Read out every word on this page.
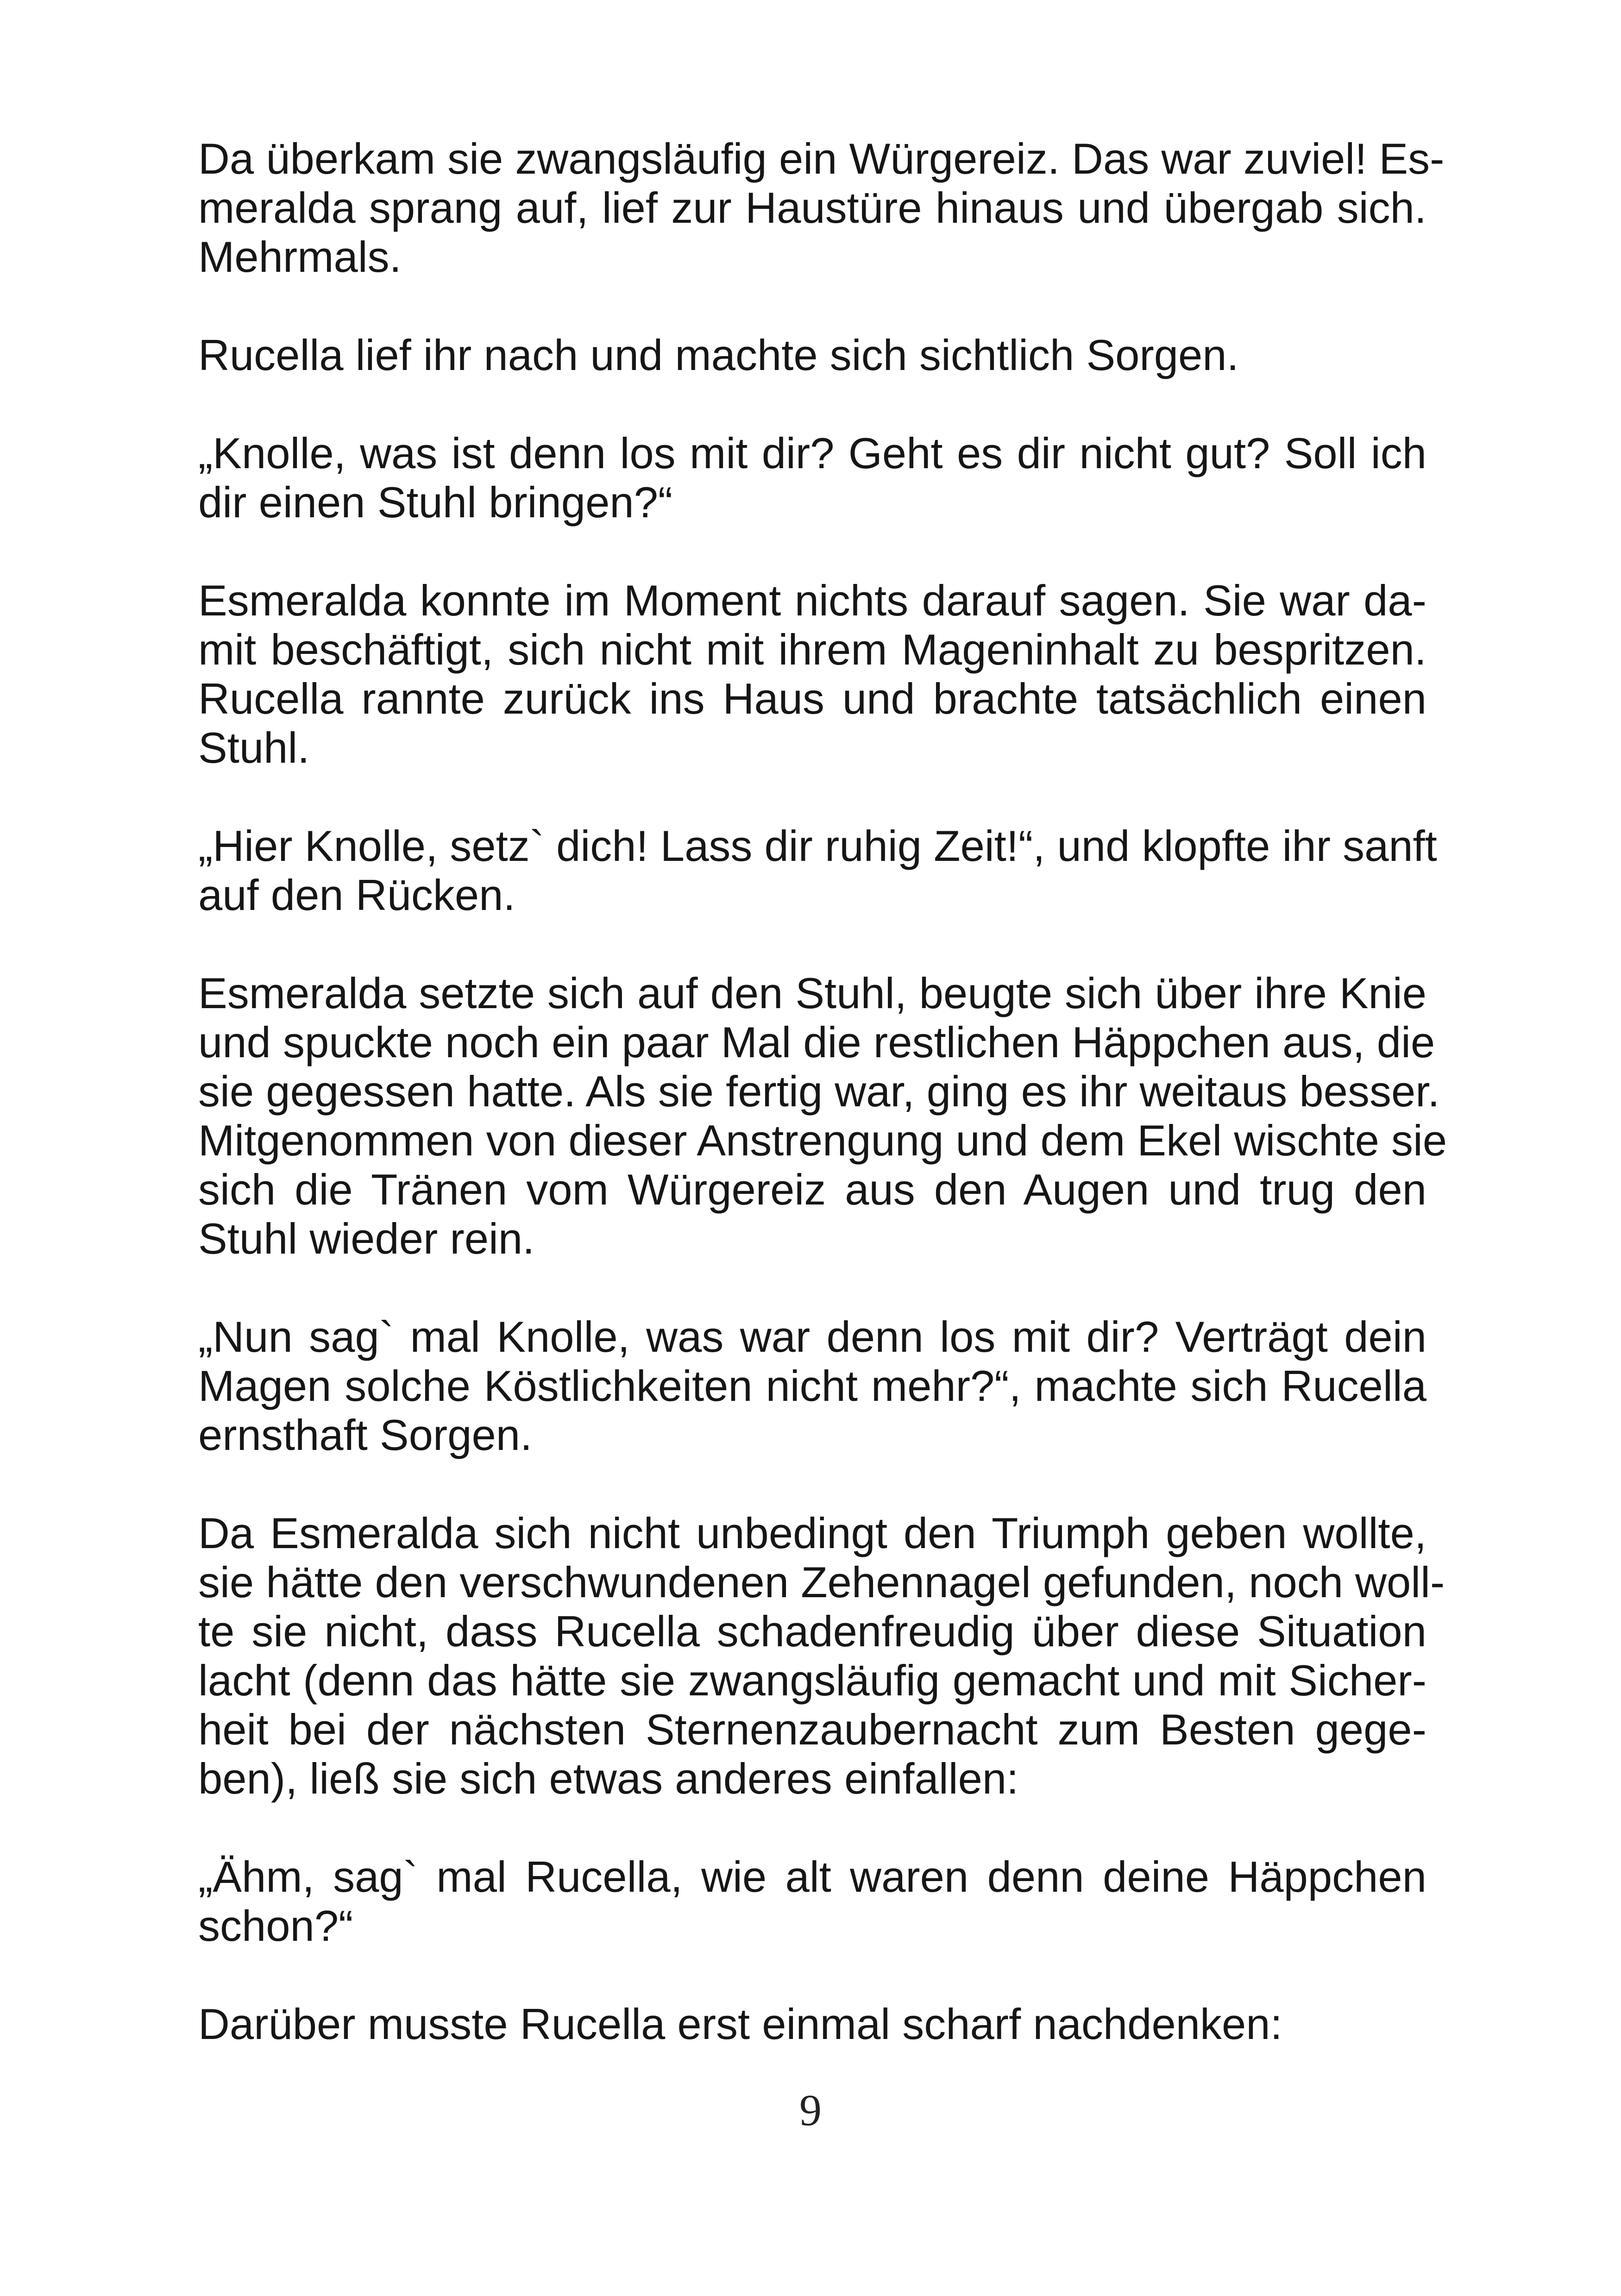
Da überkam sie zwangsläufig ein Würgereiz. Das war zuviel! Es-
meralda sprang auf, lief zur Haustüre hinaus und übergab sich.
Mehrmals.
Rucella lief ihr nach und machte sich sichtlich Sorgen.
„Knolle, was ist denn los mit dir? Geht es dir nicht gut? Soll ich
dir einen Stuhl bringen?“
Esmeralda konnte im Moment nichts darauf sagen. Sie war da-
mit beschäftigt, sich nicht mit ihrem Mageninhalt zu bespritzen.
Rucella rannte zurück ins Haus und brachte tatsächlich einen
Stuhl.
„Hier Knolle, setz` dich! Lass dir ruhig Zeit!“, und klopfte ihr sanft
auf den Rücken.
Esmeralda setzte sich auf den Stuhl, beugte sich über ihre Knie
und spuckte noch ein paar Mal die restlichen Häppchen aus, die
sie gegessen hatte. Als sie fertig war, ging es ihr weitaus besser.
Mitgenommen von dieser Anstrengung und dem Ekel wischte sie
sich die Tränen vom Würgereiz aus den Augen und trug den
Stuhl wieder rein.
„Nun sag` mal Knolle, was war denn los mit dir? Verträgt dein
Magen solche Köstlichkeiten nicht mehr?“, machte sich Rucella
ernsthaft Sorgen.
Da Esmeralda sich nicht unbedingt den Triumph geben wollte,
sie hätte den verschwundenen Zehennagel gefunden, noch woll-
te sie nicht, dass Rucella schadenfreudig über diese Situation
lacht (denn das hätte sie zwangsläufig gemacht und mit Sicher-
heit bei der nächsten Sternenzaubernacht zum Besten gege-
ben), ließ sie sich etwas anderes einfallen:
„Ähm, sag` mal Rucella, wie alt waren denn deine Häppchen
schon?“
Darüber musste Rucella erst einmal scharf nachdenken:
9
